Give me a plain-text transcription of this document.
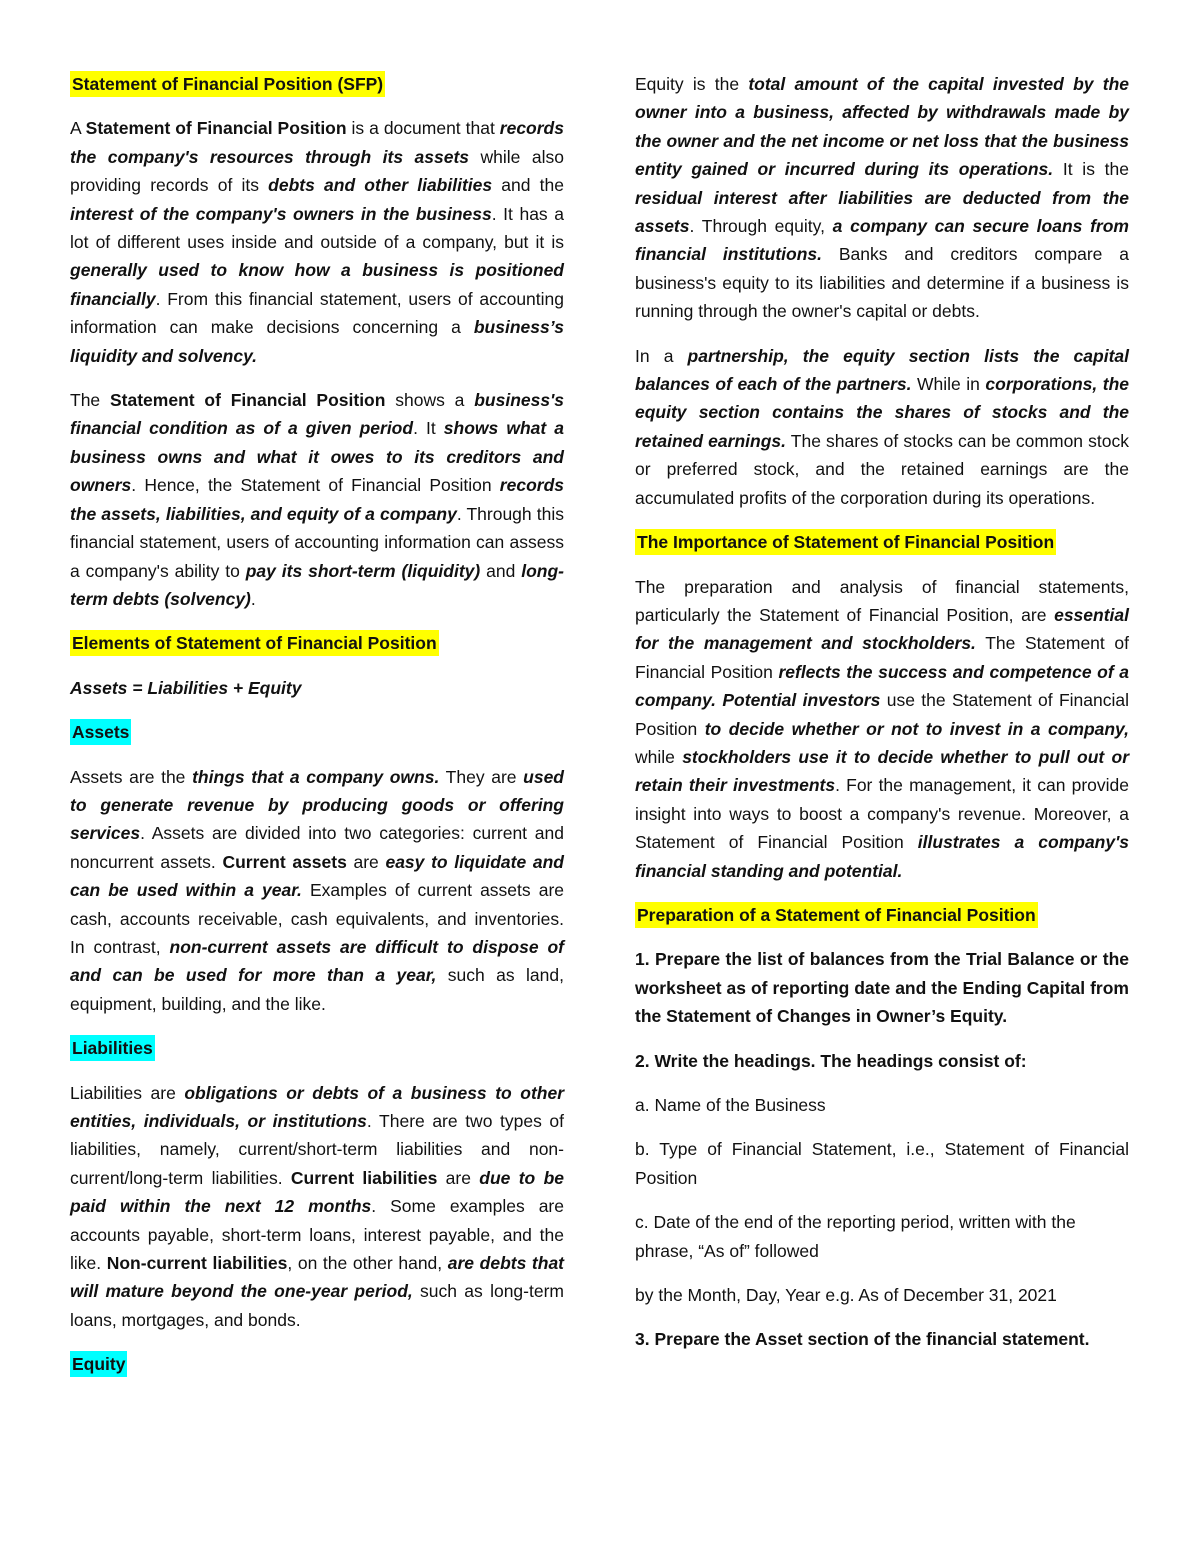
Statement of Financial Position (SFP)

A Statement of Financial Position is a document that records the company's resources through its assets while also providing records of its debts and other liabilities and the interest of the company's owners in the business. It has a lot of different uses inside and outside of a company, but it is generally used to know how a business is positioned financially. From this financial statement, users of accounting information can make decisions concerning a business’s liquidity and solvency.

The Statement of Financial Position shows a business's financial condition as of a given period. It shows what a business owns and what it owes to its creditors and owners. Hence, the Statement of Financial Position records the assets, liabilities, and equity of a company. Through this financial statement, users of accounting information can assess a company's ability to pay its short-term (liquidity) and long-term debts (solvency).

Elements of Statement of Financial Position

Assets = Liabilities + Equity

Assets

Assets are the things that a company owns. They are used to generate revenue by producing goods or offering services. Assets are divided into two categories: current and noncurrent assets. Current assets are easy to liquidate and can be used within a year. Examples of current assets are cash, accounts receivable, cash equivalents, and inventories. In contrast, non-current assets are difficult to dispose of and can be used for more than a year, such as land, equipment, building, and the like.

Liabilities

Liabilities are obligations or debts of a business to other entities, individuals, or institutions. There are two types of liabilities, namely, current/short-term liabilities and non-current/long-term liabilities. Current liabilities are due to be paid within the next 12 months. Some examples are accounts payable, short-term loans, interest payable, and the like. Non-current liabilities, on the other hand, are debts that will mature beyond the one-year period, such as long-term loans, mortgages, and bonds.

Equity

Equity is the total amount of the capital invested by the owner into a business, affected by withdrawals made by the owner and the net income or net loss that the business entity gained or incurred during its operations. It is the residual interest after liabilities are deducted from the assets. Through equity, a company can secure loans from financial institutions. Banks and creditors compare a business's equity to its liabilities and determine if a business is running through the owner's capital or debts.

In a partnership, the equity section lists the capital balances of each of the partners. While in corporations, the equity section contains the shares of stocks and the retained earnings. The shares of stocks can be common stock or preferred stock, and the retained earnings are the accumulated profits of the corporation during its operations.

The Importance of Statement of Financial Position

The preparation and analysis of financial statements, particularly the Statement of Financial Position, are essential for the management and stockholders. The Statement of Financial Position reflects the success and competence of a company. Potential investors use the Statement of Financial Position to decide whether or not to invest in a company, while stockholders use it to decide whether to pull out or retain their investments. For the management, it can provide insight into ways to boost a company's revenue. Moreover, a Statement of Financial Position illustrates a company's financial standing and potential.

Preparation of a Statement of Financial Position

1. Prepare the list of balances from the Trial Balance or the worksheet as of reporting date and the Ending Capital from the Statement of Changes in Owner’s Equity.

2. Write the headings. The headings consist of:

a. Name of the Business

b. Type of Financial Statement, i.e., Statement of Financial Position

c. Date of the end of the reporting period, written with the phrase, “As of” followed

by the Month, Day, Year e.g. As of December 31, 2021

3. Prepare the Asset section of the financial statement.
